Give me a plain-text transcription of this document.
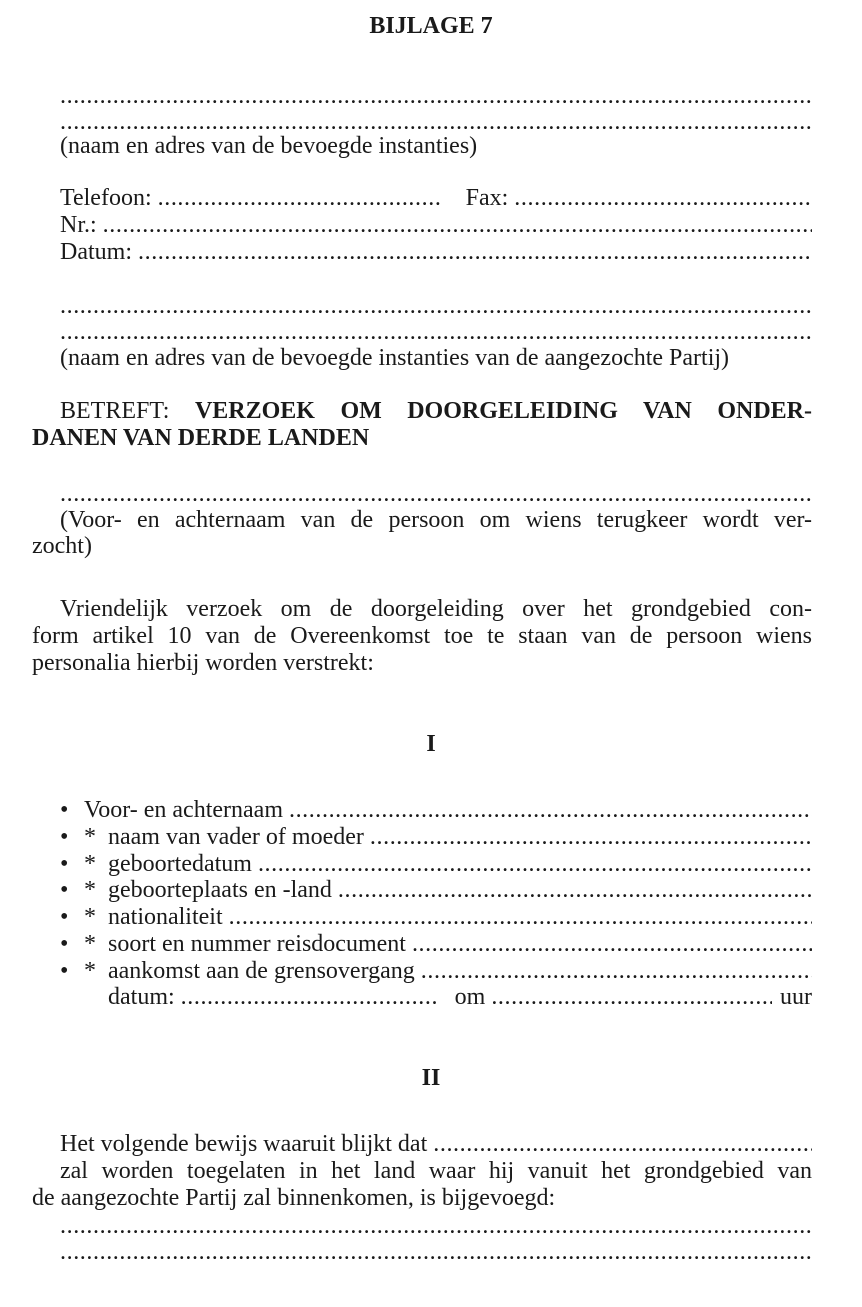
BIJLAGE 7
.....
.....
(naam en adres van de bevoegde instanties)
Telefoon: .....	Fax:
.....
Nr.:
.....
Datum:
.....
.....
.....
(naam en adres van de bevoegde instanties van de aangezochte Partij)
BETREFT: VERZOEK OM DOORGELEIDING VAN ONDER-
DANEN VAN DERDE LANDEN
.....
(Voor- en achternaam van de persoon om wiens terugkeer wordt ver-
zocht)
Vriendelijk verzoek om de doorgeleiding over het grondgebied con-
form artikel 10 van de Overeenkomst toe te staan van de persoon wiens
personalia hierbij worden verstrekt:
I
• Voor- en achternaam
.....
• * naam van vader of moeder
.....
• * geboortedatum
.....
• * geboorteplaats en -land
.....
• * nationaliteit
.....
• * soort en nummer reisdocument
.....
• * aankomst aan de grensovergang
.....
datum: .....	om .....	uur
II
Het volgende bewijs waaruit blijkt dat
.....
zal worden toegelaten in het land waar hij vanuit het grondgebied van
de aangezochte Partij zal binnenkomen, is bijgevoegd:
.....
.....
